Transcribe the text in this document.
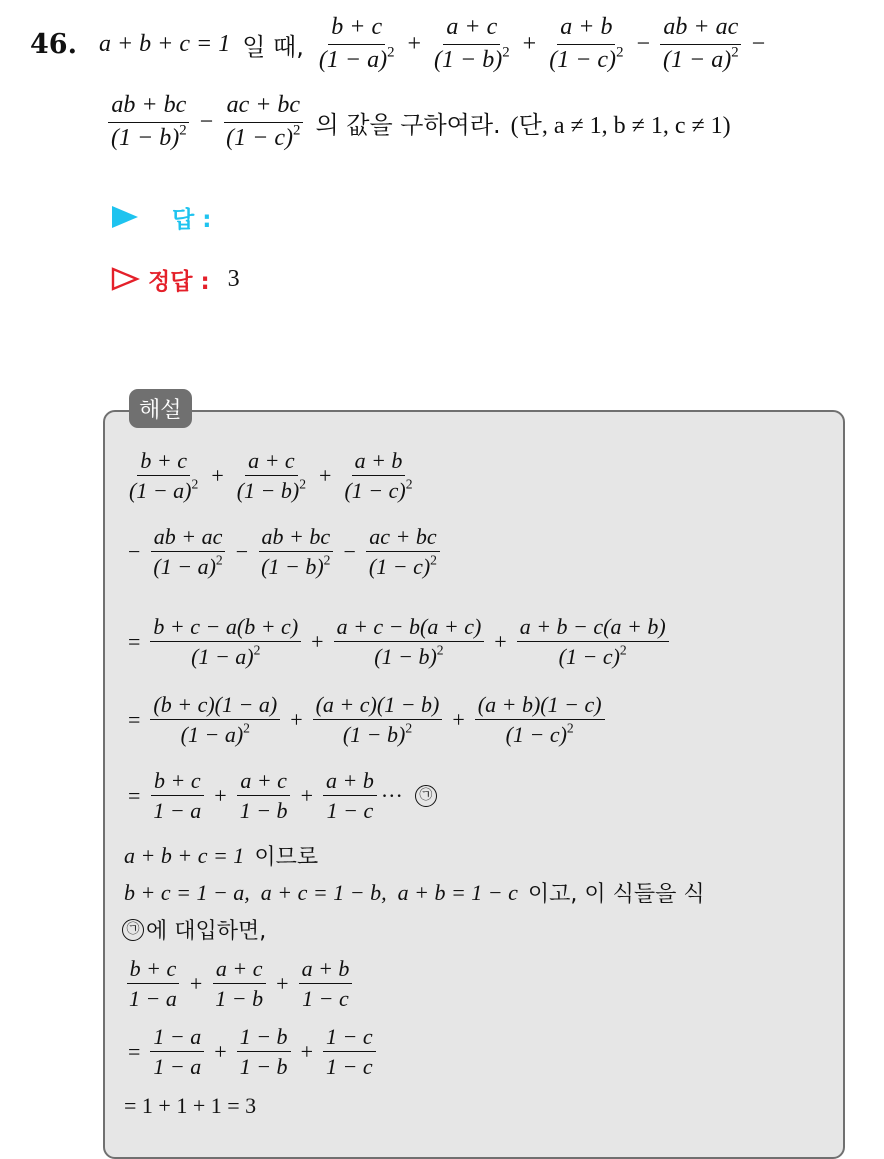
46. a + b + c = 1 일 때, $\frac{b + c}{(1 - a)^2} + \frac{a + c}{(1 - b)^2} + \frac{a + b}{(1 - c)^2} - \frac{ab + ac}{(1 - a)^2}$ −
$\frac{ab + bc}{(1 - b)^2} - \frac{ac + bc}{(1 - c)^2}$ 의 값을 구하여라. (단, a ≠ 1, b ≠ 1, c ≠ 1)
답 :
정답 : 3
해설
$\frac{b + c}{(1 - a)^2} + \frac{a + c}{(1 - b)^2} + \frac{a + b}{(1 - c)^2}$
− $\frac{ab + ac}{(1 - a)^2} - \frac{ab + bc}{(1 - b)^2} - \frac{ac + bc}{(1 - c)^2}$
= $\frac{b + c - a(b + c)}{(1 - a)^2} + \frac{a + c - b(a + c)}{(1 - b)^2} + \frac{a + b - c(a + b)}{(1 - c)^2}$
= $\frac{(b + c)(1 - a)}{(1 - a)^2} + \frac{(a + c)(1 - b)}{(1 - b)^2} + \frac{(a + b)(1 - c)}{(1 - c)^2}$
= $\frac{b + c}{1 - a} + \frac{a + c}{1 - b} + \frac{a + b}{1 - c}$ ···	㉠
a + b + c = 1 이므로
b + c = 1 − a,  a + c = 1 − b,  a + b = 1 − c 이고, 이 식들을 식
㉠ 에 대입하면,
$\frac{b + c}{1 - a} + \frac{a + c}{1 - b} + \frac{a + b}{1 - c}$
= $\frac{1 - a}{1 - a} + \frac{1 - b}{1 - b} + \frac{1 - c}{1 - c}$
= 1 + 1 + 1 = 3
